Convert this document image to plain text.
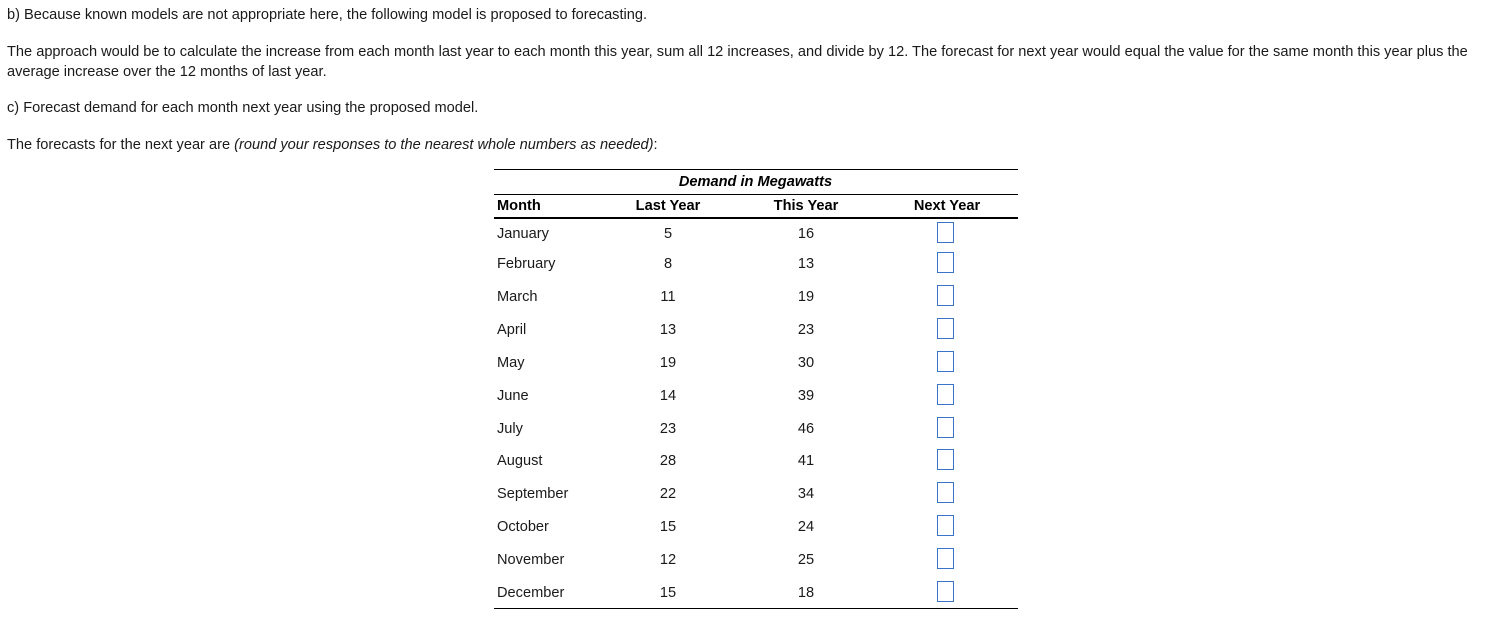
b) Because known models are not appropriate here, the following model is proposed to forecasting.

The approach would be to calculate the increase from each month last year to each month this year, sum all 12 increases, and divide by 12. The forecast for next year would equal the value for the same month this year plus the average increase over the 12 months of last year.

c) Forecast demand for each month next year using the proposed model.

The forecasts for the next year are (round your responses to the nearest whole numbers as needed):

Demand in Megawatts
Month	Last Year	This Year	Next Year
January	5	16
February	8	13
March	11	19
April	13	23
May	19	30
June	14	39
July	23	46
August	28	41
September	22	34
October	15	24
November	12	25
December	15	18
